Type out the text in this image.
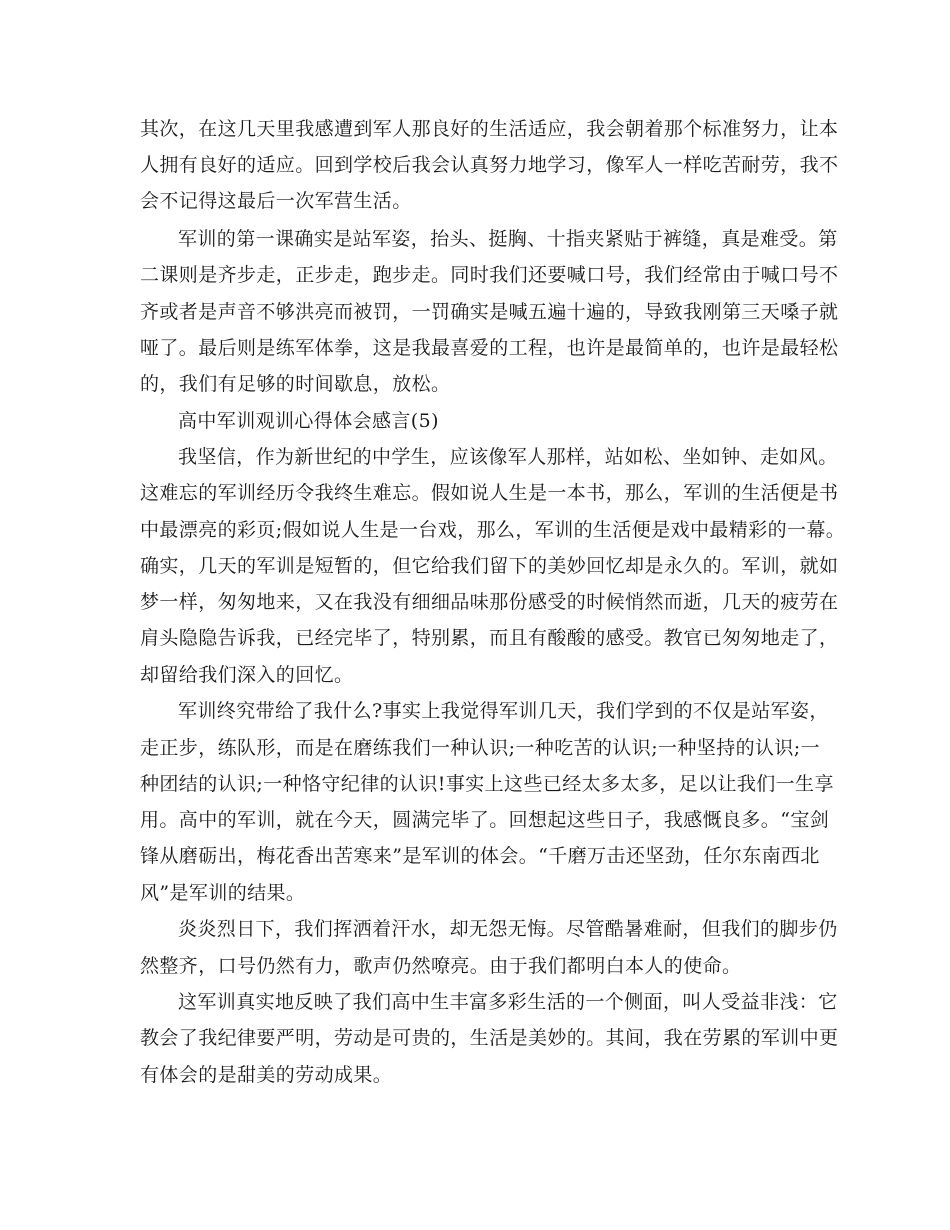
其次，在这几天里我感遭到军人那良好的生活适应，我会朝着那个标准努力，让本
人拥有良好的适应。回到学校后我会认真努力地学习，像军人一样吃苦耐劳，我不
会不记得这最后一次军营生活。
军训的第一课确实是站军姿，抬头、挺胸、十指夹紧贴于裤缝，真是难受。第
二课则是齐步走，正步走，跑步走。同时我们还要喊口号，我们经常由于喊口号不
齐或者是声音不够洪亮而被罚，一罚确实是喊五遍十遍的，导致我刚第三天嗓子就
哑了。最后则是练军体拳，这是我最喜爱的工程，也许是最简单的，也许是最轻松
的，我们有足够的时间歇息，放松。
高中军训观训心得体会感言(5)
我坚信，作为新世纪的中学生，应该像军人那样，站如松、坐如钟、走如风。
这难忘的军训经历令我终生难忘。假如说人生是一本书，那么，军训的生活便是书
中最漂亮的彩页;假如说人生是一台戏，那么，军训的生活便是戏中最精彩的一幕。
确实，几天的军训是短暂的，但它给我们留下的美妙回忆却是永久的。军训，就如
梦一样，匆匆地来，又在我没有细细品味那份感受的时候悄然而逝，几天的疲劳在
肩头隐隐告诉我，已经完毕了，特别累，而且有酸酸的感受。教官已匆匆地走了，
却留给我们深入的回忆。
军训终究带给了我什么?事实上我觉得军训几天，我们学到的不仅是站军姿，
走正步，练队形，而是在磨练我们一种认识;一种吃苦的认识;一种坚持的认识;一
种团结的认识;一种恪守纪律的认识!事实上这些已经太多太多，足以让我们一生享
用。高中的军训，就在今天，圆满完毕了。回想起这些日子，我感慨良多。“宝剑
锋从磨砺出，梅花香出苦寒来”是军训的体会。“千磨万击还坚劲，任尔东南西北
风”是军训的结果。
炎炎烈日下，我们挥洒着汗水，却无怨无悔。尽管酷暑难耐，但我们的脚步仍
然整齐，口号仍然有力，歌声仍然嘹亮。由于我们都明白本人的使命。
这军训真实地反映了我们高中生丰富多彩生活的一个侧面，叫人受益非浅：它
教会了我纪律要严明，劳动是可贵的，生活是美妙的。其间，我在劳累的军训中更
有体会的是甜美的劳动成果。
